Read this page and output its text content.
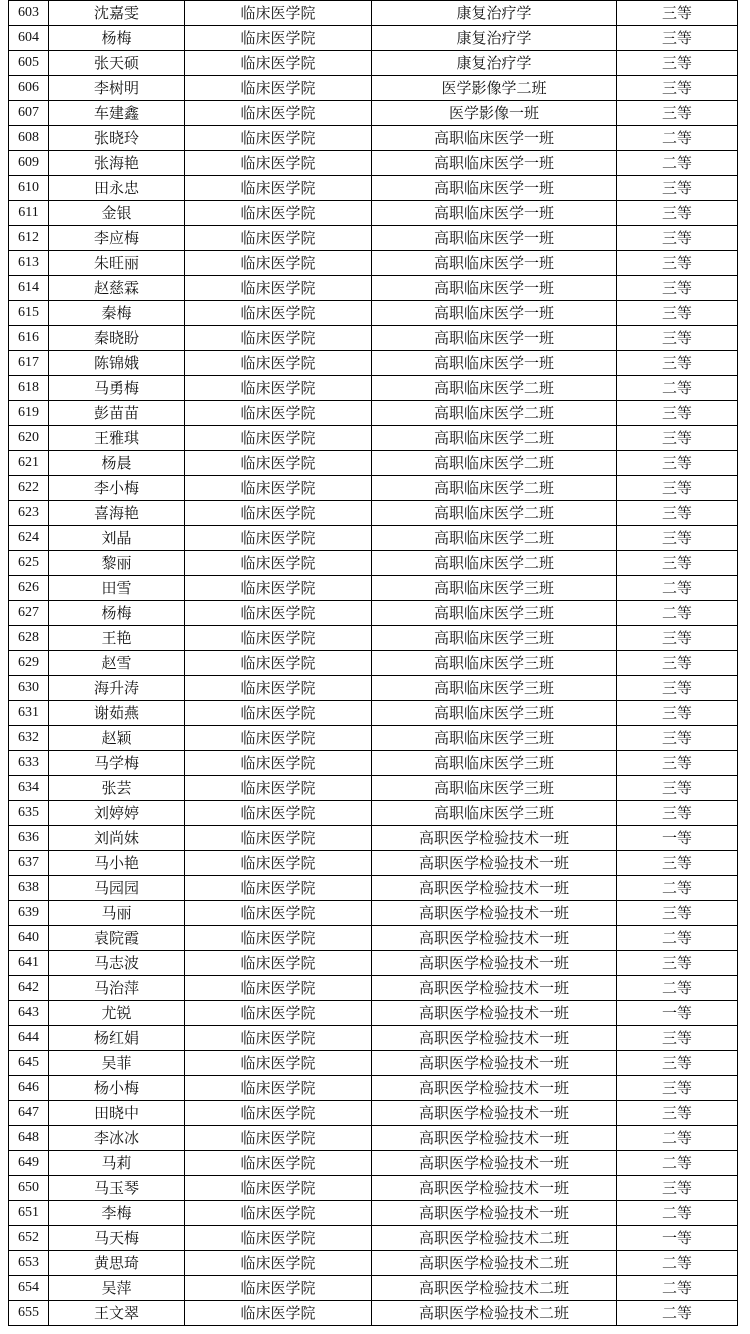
603	沈嘉雯	临床医学院	康复治疗学	三等
604	杨梅	临床医学院	康复治疗学	三等
605	张天硕	临床医学院	康复治疗学	三等
606	李树明	临床医学院	医学影像学二班	三等
607	车建鑫	临床医学院	医学影像一班	三等
608	张晓玲	临床医学院	高职临床医学一班	二等
609	张海艳	临床医学院	高职临床医学一班	二等
610	田永忠	临床医学院	高职临床医学一班	三等
611	金银	临床医学院	高职临床医学一班	三等
612	李应梅	临床医学院	高职临床医学一班	三等
613	朱旺丽	临床医学院	高职临床医学一班	三等
614	赵慈霖	临床医学院	高职临床医学一班	三等
615	秦梅	临床医学院	高职临床医学一班	三等
616	秦晓盼	临床医学院	高职临床医学一班	三等
617	陈锦娥	临床医学院	高职临床医学一班	三等
618	马勇梅	临床医学院	高职临床医学二班	二等
619	彭苗苗	临床医学院	高职临床医学二班	三等
620	王雅琪	临床医学院	高职临床医学二班	三等
621	杨晨	临床医学院	高职临床医学二班	三等
622	李小梅	临床医学院	高职临床医学二班	三等
623	喜海艳	临床医学院	高职临床医学二班	三等
624	刘晶	临床医学院	高职临床医学二班	三等
625	黎丽	临床医学院	高职临床医学二班	三等
626	田雪	临床医学院	高职临床医学三班	二等
627	杨梅	临床医学院	高职临床医学三班	二等
628	王艳	临床医学院	高职临床医学三班	三等
629	赵雪	临床医学院	高职临床医学三班	三等
630	海升涛	临床医学院	高职临床医学三班	三等
631	谢茹燕	临床医学院	高职临床医学三班	三等
632	赵颖	临床医学院	高职临床医学三班	三等
633	马学梅	临床医学院	高职临床医学三班	三等
634	张芸	临床医学院	高职临床医学三班	三等
635	刘婷婷	临床医学院	高职临床医学三班	三等
636	刘尚妹	临床医学院	高职医学检验技术一班	一等
637	马小艳	临床医学院	高职医学检验技术一班	三等
638	马园园	临床医学院	高职医学检验技术一班	二等
639	马丽	临床医学院	高职医学检验技术一班	三等
640	袁院霞	临床医学院	高职医学检验技术一班	二等
641	马志波	临床医学院	高职医学检验技术一班	三等
642	马治萍	临床医学院	高职医学检验技术一班	二等
643	尤锐	临床医学院	高职医学检验技术一班	一等
644	杨红娟	临床医学院	高职医学检验技术一班	三等
645	吴菲	临床医学院	高职医学检验技术一班	三等
646	杨小梅	临床医学院	高职医学检验技术一班	三等
647	田晓中	临床医学院	高职医学检验技术一班	三等
648	李冰冰	临床医学院	高职医学检验技术一班	二等
649	马莉	临床医学院	高职医学检验技术一班	二等
650	马玉琴	临床医学院	高职医学检验技术一班	三等
651	李梅	临床医学院	高职医学检验技术一班	二等
652	马天梅	临床医学院	高职医学检验技术二班	一等
653	黄思琦	临床医学院	高职医学检验技术二班	二等
654	吴萍	临床医学院	高职医学检验技术二班	二等
655	王文翠	临床医学院	高职医学检验技术二班	二等
